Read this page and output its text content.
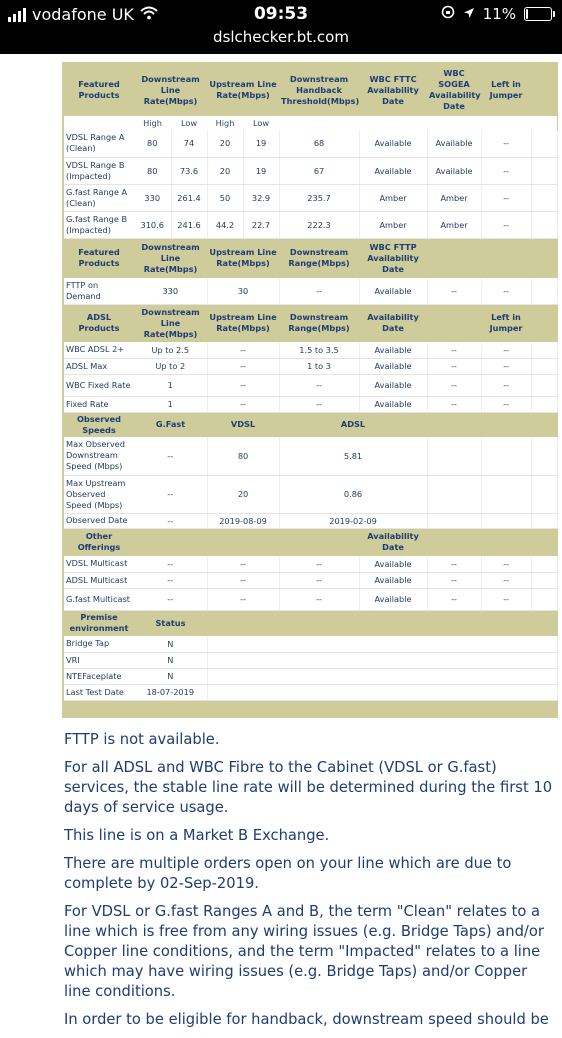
vodafone UK	09:53
dslchecker.bt.com
11%
Featured Products	Downstream Line Rate(Mbps)		Upstream Line Rate(Mbps)		Downstream Handback Threshold(Mbps)	WBC FTTC Availability Date	WBC SOGEA Availability Date	Left in Jumper	
	High	Low	High	Low					
VDSL Range A (Clean)	80	74	20	19	68	Available	Available	--	
VDSL Range B (Impacted)	80	73.6	20	19	67	Available	Available	--	
G.fast Range A (Clean)	330	261.4	50	32.9	235.7	Amber	Amber	--	
G.fast Range B (Impacted)	310.6	241.6	44.2	22.7	222.3	Amber	Amber	--	
Featured Products	Downstream Line Rate(Mbps)		Upstream Line Rate(Mbps)		Downstream Range(Mbps)	WBC FTTP Availability Date			
FTTP on Demand	330		30		--	Available	--	--	
ADSL Products	Downstream Line Rate(Mbps)		Upstream Line Rate(Mbps)		Downstream Range(Mbps)	Availability Date		Left in Jumper	
WBC ADSL 2+	Up to 2.5		--		1.5 to 3.5	Available	--	--	
ADSL Max	Up to 2		--		1 to 3	Available	--	--	
WBC Fixed Rate	1		--		--	Available	--	--	
Fixed Rate	1		--		--	Available	--	--	
Observed Speeds	G.Fast		VDSL		ADSL				
Max Observed Downstream Speed (Mbps)	--		80		5.81				
Max Upstream Observed Speed (Mbps)	--		20		0.86				
Observed Date	--		2019-08-09		2019-02-09				
Other Offerings						Availability Date			
VDSL Multicast	--		--		--	Available	--	--	
ADSL Multicast	--		--		--	Available	--	--	
G.fast Multicast	--		--		--	Available	--	--	
Premise environment	Status								
Bridge Tap	N								
VRI	N								
NTEFaceplate	N								
Last Test Date	18-07-2019								

FTTP is not available.

For all ADSL and WBC Fibre to the Cabinet (VDSL or G.fast) services, the stable line rate will be determined during the first 10 days of service usage.

This line is on a Market B Exchange.

There are multiple orders open on your line which are due to complete by 02-Sep-2019.

For VDSL or G.fast Ranges A and B, the term "Clean" relates to a line which is free from any wiring issues (e.g. Bridge Taps) and/or Copper line conditions, and the term "Impacted" relates to a line which may have wiring issues (e.g. Bridge Taps) and/or Copper line conditions.

In order to be eligible for handback, downstream speed should be
